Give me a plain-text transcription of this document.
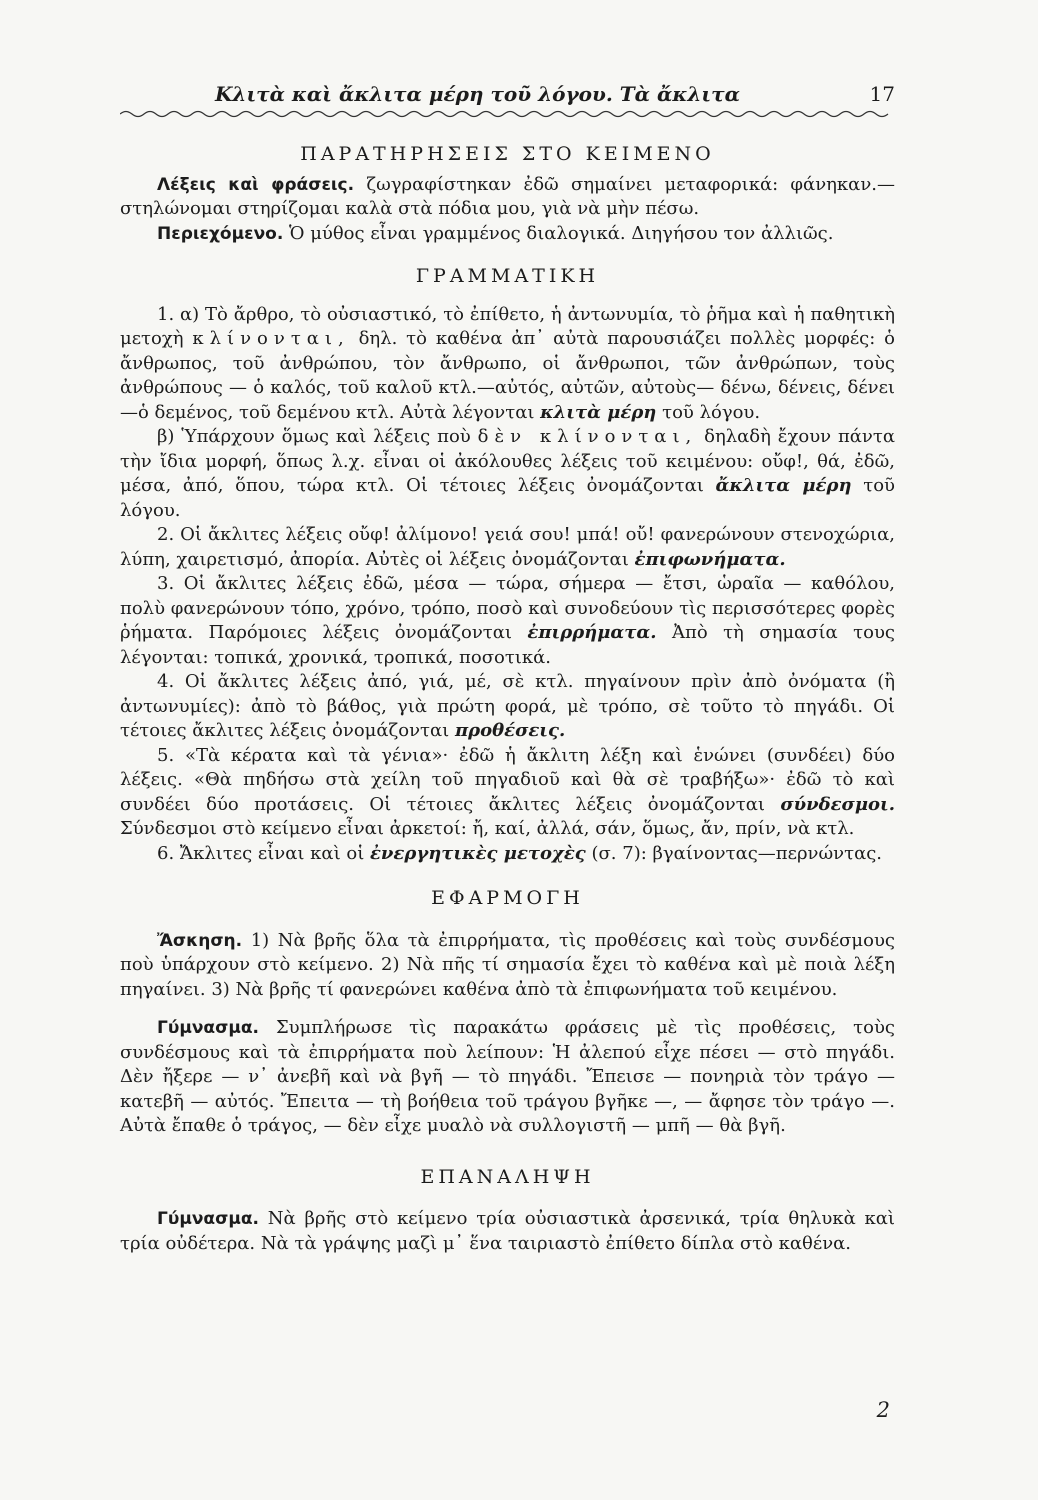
Κλιτὰ καὶ ἄκλιτα μέρη τοῦ λόγου. Τὰ ἄκλιτα	17
ΠΑΡΑΤΗΡΗΣΕΙΣ ΣΤΟ ΚΕΙΜΕΝΟ

Λέξεις καὶ φράσεις. ζωγραφίστηκαν ἐδῶ σημαίνει μεταφορικά: φάνηκαν.—στηλώνομαι στηρίζομαι καλὰ στὰ πόδια μου, γιὰ νὰ μὴν πέσω.

Περιεχόμενο. Ὁ μύθος εἶναι γραμμένος διαλογικά. Διηγήσου τον ἀλλιῶς.

ΓΡΑΜΜΑΤΙΚΗ

1. α) Τὸ ἄρθρο, τὸ οὐσιαστικό, τὸ ἐπίθετο, ἡ ἀντωνυμία, τὸ ῥῆμα καὶ ἡ παθητικὴ μετοχὴ κλίνονται, δηλ. τὸ καθένα ἀπ᾽ αὐτὰ παρουσιάζει πολλὲς μορφές: ὁ ἄνθρωπος, τοῦ ἀνθρώπου, τὸν ἄνθρωπο, οἱ ἄνθρωποι, τῶν ἀνθρώπων, τοὺς ἀνθρώπους — ὁ καλός, τοῦ καλοῦ κτλ.—αὐτός, αὐτῶν, αὐτοὺς— δένω, δένεις, δένει—ὁ δεμένος, τοῦ δεμένου κτλ. Αὐτὰ λέγονται κλιτὰ μέρη τοῦ λόγου.

β) Ὑπάρχουν ὅμως καὶ λέξεις ποὺ δὲν κλίνονται, δηλαδὴ ἔχουν πάντα τὴν ἴδια μορφή, ὅπως λ.χ. εἶναι οἱ ἀκόλουθες λέξεις τοῦ κειμένου: οὔφ!, θά, ἐδῶ, μέσα, ἀπό, ὅπου, τώρα κτλ. Οἱ τέτοιες λέξεις ὀνομάζονται ἄκλιτα μέρη τοῦ λόγου.

2. Οἱ ἄκλιτες λέξεις οὔφ! ἀλίμονο! γειά σου! μπά! οὔ! φανερώνουν στενοχώρια, λύπη, χαιρετισμό, ἀπορία. Αὐτὲς οἱ λέξεις ὀνομάζονται ἐπιφωνήματα.

3. Οἱ ἄκλιτες λέξεις ἐδῶ, μέσα — τώρα, σήμερα — ἔτσι, ὡραῖα — καθόλου, πολὺ φανερώνουν τόπο, χρόνο, τρόπο, ποσὸ καὶ συνοδεύουν τὶς περισσότερες φορὲς ῥήματα. Παρόμοιες λέξεις ὀνομάζονται ἐπιρρήματα. Ἀπὸ τὴ σημασία τους λέγονται: τοπικά, χρονικά, τροπικά, ποσοτικά.

4. Οἱ ἄκλιτες λέξεις ἀπό, γιά, μέ, σὲ κτλ. πηγαίνουν πρὶν ἀπὸ ὀνόματα (ἢ ἀντωνυμίες): ἀπὸ τὸ βάθος, γιὰ πρώτη φορά, μὲ τρόπο, σὲ τοῦτο τὸ πηγάδι. Οἱ τέτοιες ἄκλιτες λέξεις ὀνομάζονται προθέσεις.

5. «Τὰ κέρατα καὶ τὰ γένια»· ἐδῶ ἡ ἄκλιτη λέξη καὶ ἑνώνει (συνδέει) δύο λέξεις. «Θὰ πηδήσω στὰ χείλη τοῦ πηγαδιοῦ καὶ θὰ σὲ τραβήξω»· ἐδῶ τὸ καὶ συνδέει δύο προτάσεις. Οἱ τέτοιες ἄκλιτες λέξεις ὀνομάζονται σύνδεσμοι. Σύνδεσμοι στὸ κείμενο εἶναι ἀρκετοί: ἤ, καί, ἀλλά, σάν, ὅμως, ἄν, πρίν, νὰ κτλ.

6. Ἄκλιτες εἶναι καὶ οἱ ἐνεργητικὲς μετοχὲς (σ. 7): βγαίνοντας—περνώντας.

ΕΦΑΡΜΟΓΗ

Ἄσκηση. 1) Νὰ βρῆς ὅλα τὰ ἐπιρρήματα, τὶς προθέσεις καὶ τοὺς συνδέσμους ποὺ ὑπάρχουν στὸ κείμενο. 2) Νὰ πῆς τί σημασία ἔχει τὸ καθένα καὶ μὲ ποιὰ λέξη πηγαίνει. 3) Νὰ βρῆς τί φανερώνει καθένα ἀπὸ τὰ ἐπιφωνήματα τοῦ κειμένου.

Γύμνασμα. Συμπλήρωσε τὶς παρακάτω φράσεις μὲ τὶς προθέσεις, τοὺς συνδέσμους καὶ τὰ ἐπιρρήματα ποὺ λείπουν: Ἡ ἀλεπού εἶχε πέσει — στὸ πηγάδι. Δὲν ἤξερε — ν᾽ ἀνεβῆ καὶ νὰ βγῆ — τὸ πηγάδι. Ἔπεισε — πονηριὰ τὸν τράγο — κατεβῆ — αὐτός. Ἔπειτα — τὴ βοήθεια τοῦ τράγου βγῆκε —, — ἄφησε τὸν τράγο —. Αὐτὰ ἔπαθε ὁ τράγος, — δὲν εἶχε μυαλὸ νὰ συλλογιστῆ — μπῆ — θὰ βγῆ.

ΕΠΑΝΑΛΗΨΗ

Γύμνασμα. Νὰ βρῆς στὸ κείμενο τρία οὐσιαστικὰ ἀρσενικά, τρία θηλυκὰ καὶ τρία οὐδέτερα. Νὰ τὰ γράψης μαζὶ μ᾽ ἕνα ταιριαστὸ ἐπίθετο δίπλα στὸ καθένα.

2
